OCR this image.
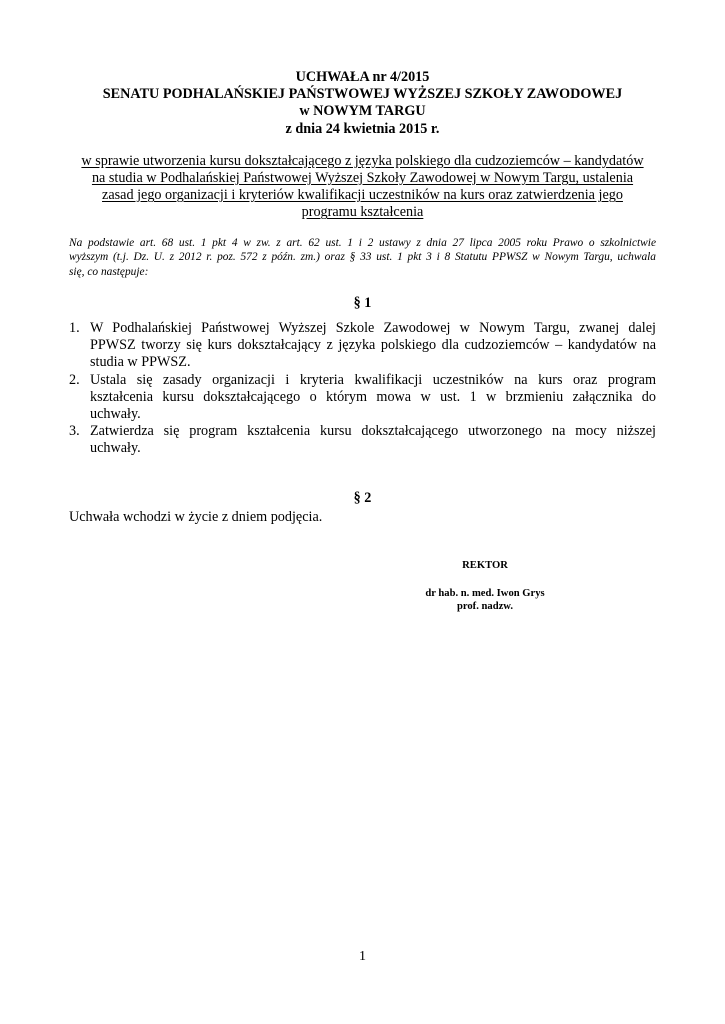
UCHWAŁA nr 4/2015
SENATU PODHALAŃSKIEJ PAŃSTWOWEJ WYŻSZEJ SZKOŁY ZAWODOWEJ
w NOWYM TARGU
z dnia 24 kwietnia 2015 r.
w sprawie utworzenia kursu dokształcającego z języka polskiego dla cudzoziemców – kandydatów
na studia w Podhalańskiej Państwowej Wyższej Szkoły Zawodowej w Nowym Targu, ustalenia
zasad jego organizacji i kryteriów kwalifikacji uczestników na kurs oraz zatwierdzenia jego
programu kształcenia
Na podstawie art. 68 ust. 1 pkt 4 w zw. z art. 62 ust. 1 i 2 ustawy z dnia 27 lipca 2005 roku Prawo o szkolnictwie
wyższym (t.j. Dz. U. z 2012 r. poz. 572 z późn. zm.) oraz § 33 ust. 1 pkt 3 i 8 Statutu PPWSZ w Nowym Targu, uchwala
się, co następuje:
§ 1
1. W Podhalańskiej Państwowej Wyższej Szkole Zawodowej w Nowym Targu, zwanej dalej
PPWSZ tworzy się kurs dokształcający z języka polskiego dla cudzoziemców – kandydatów na
studia w PPWSZ.
2. Ustala się zasady organizacji i kryteria kwalifikacji uczestników na kurs oraz program
kształcenia kursu dokształcającego o którym mowa w ust. 1 w brzmieniu załącznika do
uchwały.
3. Zatwierdza się program kształcenia kursu dokształcającego utworzonego na mocy niższej
uchwały.
§ 2
Uchwała wchodzi w życie z dniem podjęcia.
REKTOR
dr hab. n. med. Iwon Grys
prof. nadzw.
1
